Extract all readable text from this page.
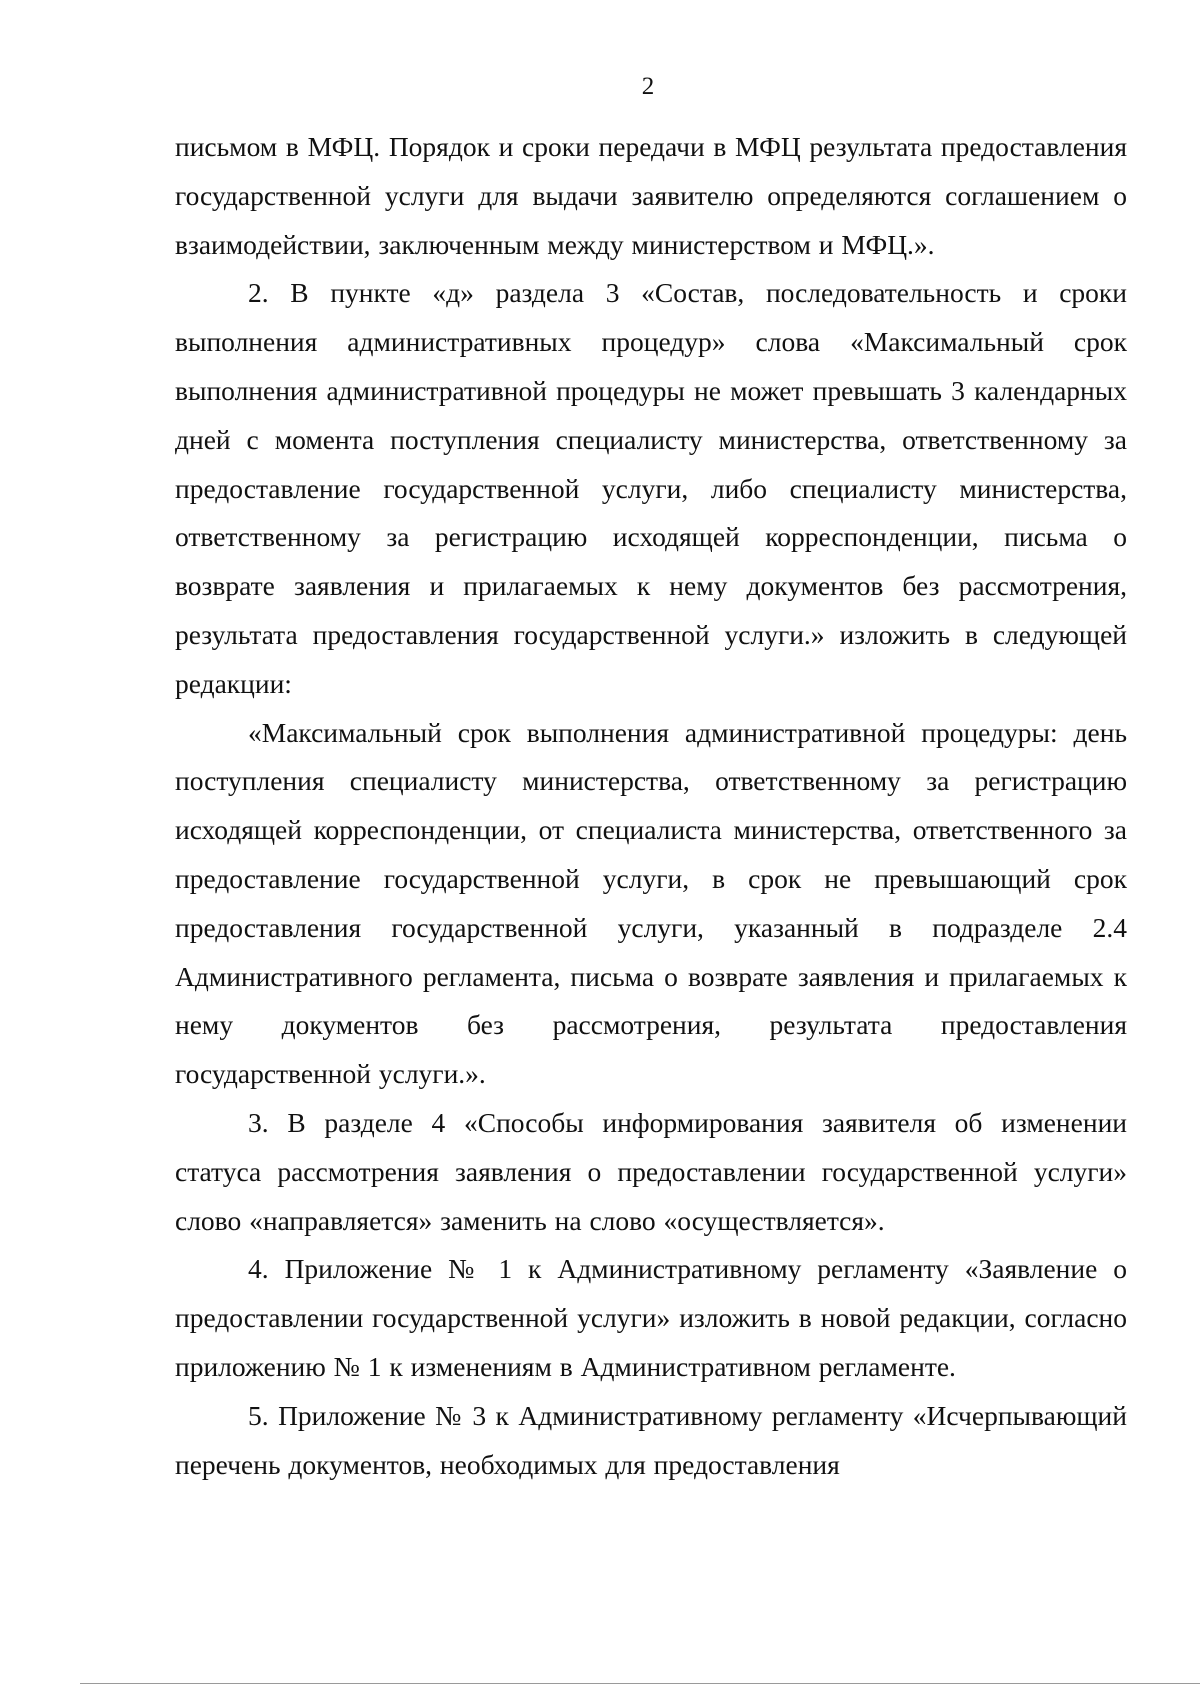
2

письмом в МФЦ. Порядок и сроки передачи в МФЦ результата предоставления государственной услуги для выдачи заявителю определяются соглашением о взаимодействии, заключенным между министерством и МФЦ.».

2. В пункте «д» раздела 3 «Состав, последовательность и сроки выполнения административных процедур» слова «Максимальный срок выполнения административной процедуры не может превышать 3 календарных дней с момента поступления специалисту министерства, ответственному за предоставление государственной услуги, либо специалисту министерства, ответственному за регистрацию исходящей корреспонденции, письма о возврате заявления и прилагаемых к нему документов без рассмотрения, результата предоставления государственной услуги.» изложить в следующей редакции:

«Максимальный срок выполнения административной процедуры: день поступления специалисту министерства, ответственному за регистрацию исходящей корреспонденции, от специалиста министерства, ответственного за предоставление государственной услуги, в срок не превышающий срок предоставления государственной услуги, указанный в подразделе 2.4 Административного регламента, письма о возврате заявления и прилагаемых к нему документов без рассмотрения, результата предоставления государственной услуги.».

3. В разделе 4 «Способы информирования заявителя об изменении статуса рассмотрения заявления о предоставлении государственной услуги» слово «направляется» заменить на слово «осуществляется».

4. Приложение № 1 к Административному регламенту «Заявление о предоставлении государственной услуги» изложить в новой редакции, согласно приложению № 1 к изменениям в Административном регламенте.

5. Приложение № 3 к Административному регламенту «Исчерпывающий перечень документов, необходимых для предоставления
